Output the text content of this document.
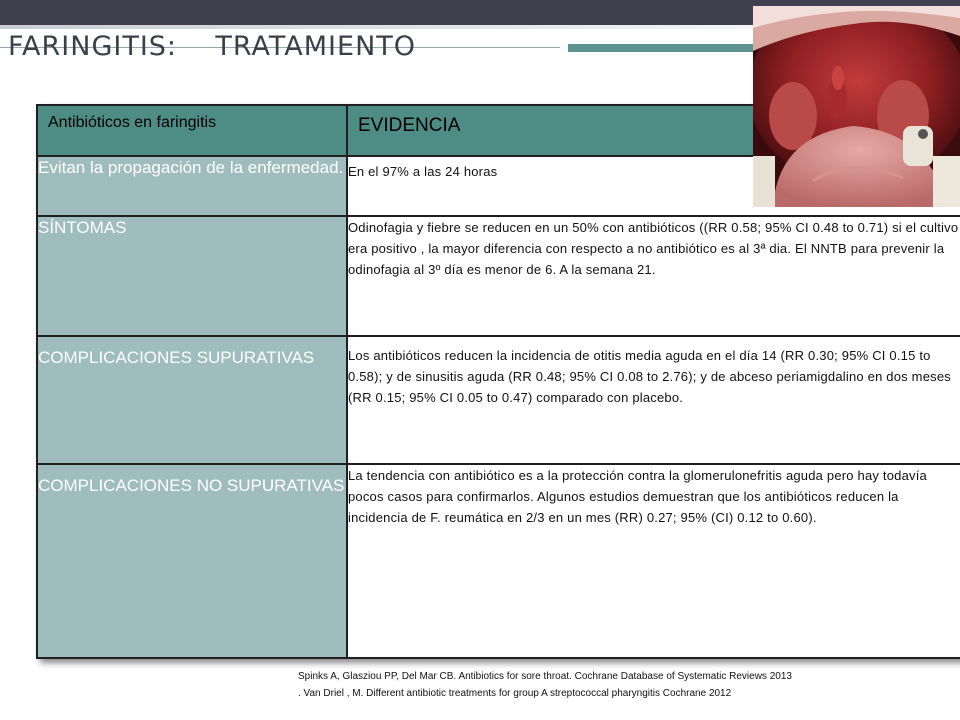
FARINGITIS:    TRATAMIENTO
Antibióticos en faringitis	EVIDENCIA
Evitan la propagación de la enfermedad.	En el 97% a las 24 horas
SÍNTOMAS	Odinofagia y fiebre se reducen en un 50% con antibióticos ((RR 0.58; 95% CI 0.48 to 0.71) si el cultivo era positivo , la mayor diferencia con respecto a no antibiótico es al 3ª dia. El NNTB para prevenir la odinofagia al 3º día es menor de 6. A la semana 21.
COMPLICACIONES SUPURATIVAS	Los antibióticos reducen la incidencia de otitis media aguda en el día 14 (RR 0.30; 95% CI 0.15 to 0.58); y de sinusitis aguda (RR 0.48; 95% CI 0.08 to 2.76); y de abceso periamigdalino en dos meses (RR 0.15; 95% CI 0.05 to 0.47) comparado con placebo.
COMPLICACIONES NO SUPURATIVAS	La tendencia con antibiótico es a la protección contra la glomerulonefritis aguda pero hay todavía pocos casos para confirmarlos. Algunos estudios demuestran que los antibióticos reducen la incidencia de F. reumática en 2/3 en un mes (RR) 0.27; 95% (CI) 0.12 to 0.60).
Spinks A, Glasziou PP, Del Mar CB. Antibiotics for sore throat. Cochrane Database of Systematic Reviews 2013
. Van Driel , M. Different antibiotic treatments for group A streptococcal pharyngitis Cochrane 2012
